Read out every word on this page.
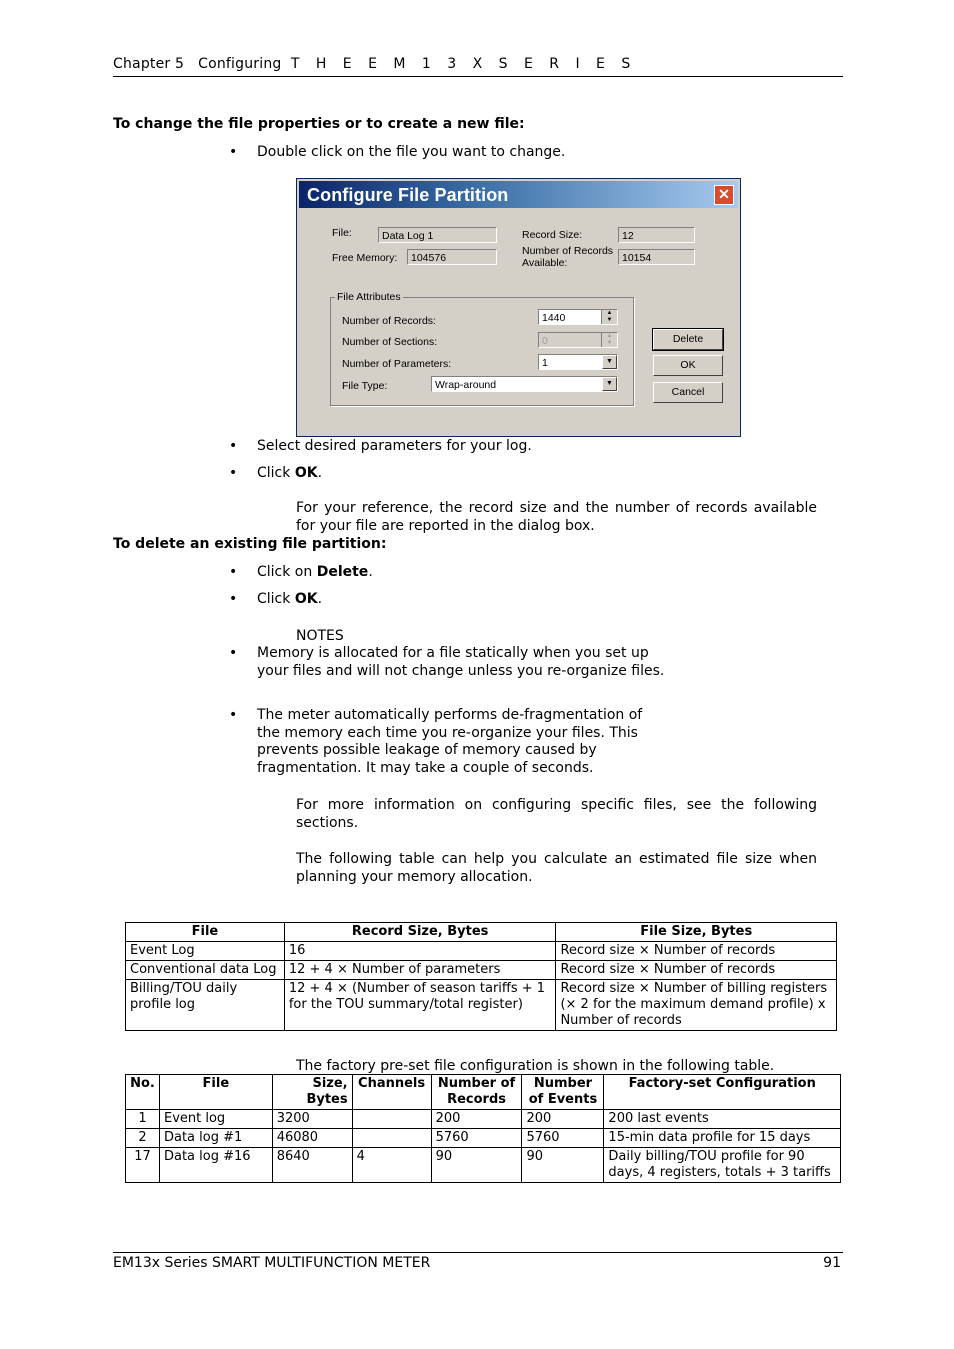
Chapter 5 Configuring T H E E M 1 3 X S E R I E S
To change the file properties or to create a new file:
• Double click on the file you want to change.
Configure File Partition	✕
File:	Data Log 1
Free Memory:	104576
Record Size:	12
Number of Records Available:	10154
File Attributes
Number of Records:	1440	▲
▼
Number of Sections:	0	▲
▼
Number of Parameters:	1	▼
File Type:	Wrap-around	▼
Delete
OK
Cancel
• Select desired parameters for your log.
• Click OK.
For your reference, the record size and the number of records available for your file are reported in the dialog box.
To delete an existing file partition:
• Click on Delete.
• Click OK.
NOTES
• Memory is allocated for a file statically when you set up your files and will not change unless you re-organize files.
• The meter automatically performs de-fragmentation of the memory each time you re-organize your files. This prevents possible leakage of memory caused by fragmentation. It may take a couple of seconds.
For more information on configuring specific files, see the following sections.
The following table can help you calculate an estimated file size when planning your memory allocation.
File	Record Size, Bytes	File Size, Bytes
Event Log	16	Record size × Number of records
Conventional data Log	12 + 4 × Number of parameters	Record size × Number of records
Billing/TOU daily profile log	12 + 4 × (Number of season tariffs + 1 for the TOU summary/total register)	Record size × Number of billing registers (× 2 for the maximum demand profile) x Number of records
The factory pre-set file configuration is shown in the following table.
No.	File	Size, Bytes	Channels	Number of Records	Number of Events	Factory-set Configuration
1	Event log	3200		200	200	200 last events
2	Data log #1	46080		5760	5760	15-min data profile for 15 days
17	Data log #16	8640	4	90	90	Daily billing/TOU profile for 90 days, 4 registers, totals + 3 tariffs
EM13x Series SMART MULTIFUNCTION METER	91
